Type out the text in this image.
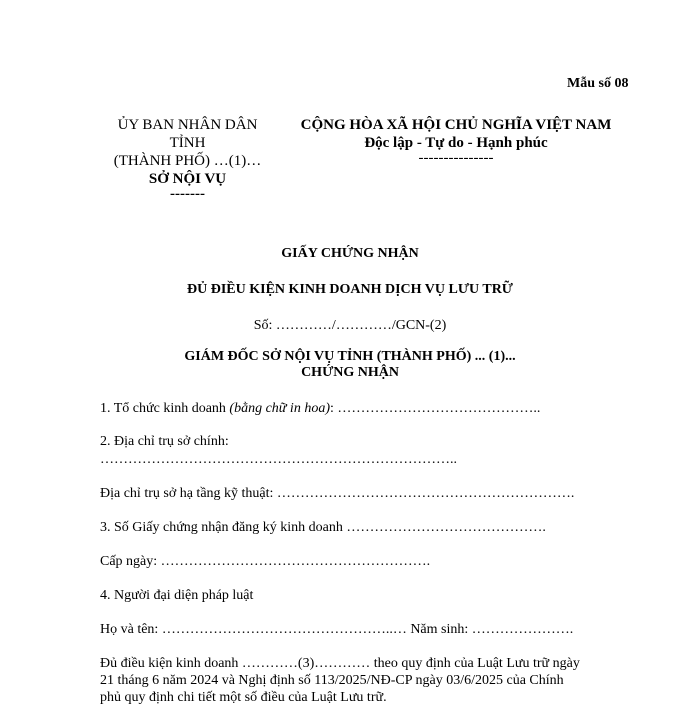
Mẫu số 08
ỦY BAN NHÂN DÂN
TỈNH
(THÀNH PHỐ) …(1)…
SỞ NỘI VỤ
-------
CỘNG HÒA XÃ HỘI CHỦ NGHĨA VIỆT NAM
Độc lập - Tự do - Hạnh phúc
---------------
GIẤY CHỨNG NHẬN
ĐỦ ĐIỀU KIỆN KINH DOANH DỊCH VỤ LƯU TRỮ
Số: …………/…………/GCN-(2)
GIÁM ĐỐC SỞ NỘI VỤ TỈNH (THÀNH PHỐ) ... (1)...
CHỨNG NHẬN
1. Tổ chức kinh doanh (bằng chữ in hoa): ……………………………………..
2. Địa chỉ trụ sở chính:
…………………………………………………………………..
Địa chỉ trụ sở hạ tầng kỹ thuật: ……………………………………………………….
3. Số Giấy chứng nhận đăng ký kinh doanh …………………………………….
Cấp ngày: ………………………………………………….
4. Người đại diện pháp luật
Họ và tên: …………………………………………..… Năm sinh: ………………….
Đủ điều kiện kinh doanh …………(3)………… theo quy định của Luật Lưu trữ ngày
21 tháng 6 năm 2024 và Nghị định số 113/2025/NĐ-CP ngày 03/6/2025 của Chính
phủ quy định chi tiết một số điều của Luật Lưu trữ.
